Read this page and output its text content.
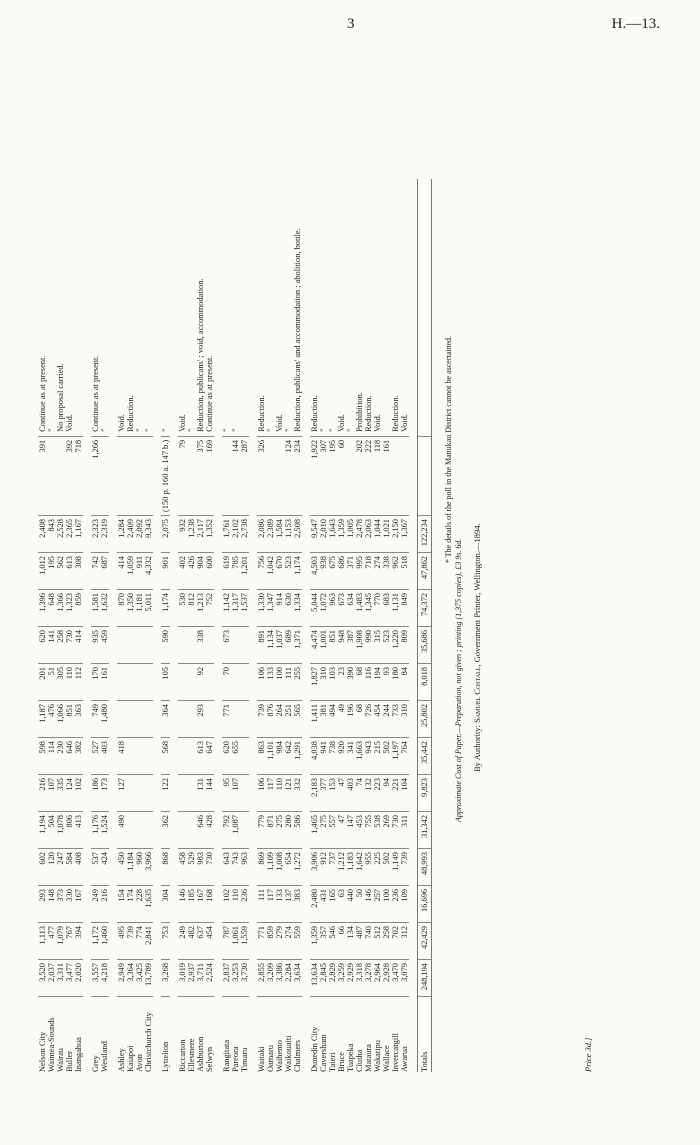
3	H.—13.
Nelson City	3,520	1,113	293	602	1,194	216	598	1,187	201	620	1,396	1,012	2,408	391	Continue as at present.
Waimea-Sounds	2,037	477	148	120	504	107	114	476	51	141	648	195	843		"
Wairau	3,311	1,079	373	247	1,078	335	230	1,066	305	258	1,366	562	2,528		No proposal carried.
Buller	3,477	767	330	584	806	124	646	851	110	730	1,323	613	2,365	392	Void.
Inangahua	2,020	394	167	408	413	102	382	363	112	414	859	308	1,167	718	

Grey	3,557	1,172	249	537	1,176	186	527	749	170	935	1,581	742	2,323	1,266	Continue as at present.
Westland	4,218	1,460	216	424	1,524	173	403	1,480	161	459	1,632	687	2,319		"

Ashley	2,949	495	154	450	490	127	418				870	414	1,284		Void.
Kaiapoi	3,364	739	174	1,184							1,350	1,059	2,409		Reduction.
Avon	3,425	774	228	960							1,181	911	2,092		"
Christchurch City	13,789	2,841	1,635	3,966							5,011	4,332	9,343		"

Lyttelton	3,268	753	304	868	362	122	568	364	105	590	1,174	901	2,075	(150 p. 160 a. 147 b.)	"

Riccarton	3,019	249	146	458							530	402	932	79	Void.
Ellesmere	2,937	482	185	529							812	426	1,238		"
Ashburton	3,711	637	167	983	646	131	613	293	92	338	1,213	904	2,117	375	Reduction, publicans' ; void, accommodation.
Selwyn	2,524	454	168	730	428	144	647				752	600	1,352	169	Continue as at present.

Rangitata	2,837	787	102	643	792	95	620	771	70	673	1,142	619	1,761		"
Pareora	3,253	1,061	110	743	1,087	107	655				1,317	785	2,102	144	"
Timaru	3,730	1,559	236	963							1,537	1,201	2,738	287	

Waitaki	2,855	771	111	869	779	106	863	739	106	891	1,330	756	2,086	326	Reduction.
Oamaru	3,209	859	117	1,109	871	117	1,101	876	133	1,134	1,347	1,042	2,389		"
Waihemo	3,386	279	133	1,008	275	110	984	264	100	1,037	914	670	1,584		Void.
Waikouaiti	2,284	274	137	654	280	121	642	251	111	689	630	523	1,153	124	"
Chalmers	3,634	559	383	1,272	586	332	1,291	565	255	1,371	1,334	1,174	2,508	234	Reduction, publicans' and accommodation ; abolition, bottle.

Dunedin City	13,634	1,359	2,480	3,906	1,465	2,183	4,038	1,411	1,827	4,474	5,044	4,503	9,547	1,922	Reduction.
Caversham	2,845	357	431	912	275	377	941	381	310	1,001	1,072	938	2,010	307	"
Taieri	2,829	546	165	737	557	153	738	494	103	851	963	675	1,643	195	"
Bruce	3,259	66	63	1,212	47	47	920	49	23	948	673	686	1,359	60	Void.
Tuapeka	2,929	134	440	1,183	147	403	341	196	390	387	634	371	1,005		"
Clutha	3,318	487	50	1,642	453	74	1,663	68	68	1,908	1,483	995	2,478	202	Prohibition.
Mataura	3,278	740	146	955	755	132	943	726	116	990	1,345	718	2,063	222	Reduction.
Wakatipu	2,964	512	257	225	538	223	215	454	194	315	770	274	1,044	118	Void.
Wallace	2,928	258	100	502	269	94	502	244	93	523	683	338	1,021	161	
Invercargill	3,470	702	236	1,149	730	221	1,197	733	180	1,220	1,131	962	2,150		Reduction.
Awarua	3,079	312	109	739	311	104	764	310	84	809	849	518	1,367		Void.

Totals	248,194	42,429	16,696	48,993	31,342	9,823	35,442	25,802	8,018	35,686	74,372	47,862	122,234		* The details of the poll in the Manukau District cannot be ascertained.
Approximate Cost of Paper.—Preparation, not given ; printing (1,375 copies), £3 9s. 6d. By Authority: Samuel Costall, Government Printer, Wellington.—1894.
Price 3d.]
